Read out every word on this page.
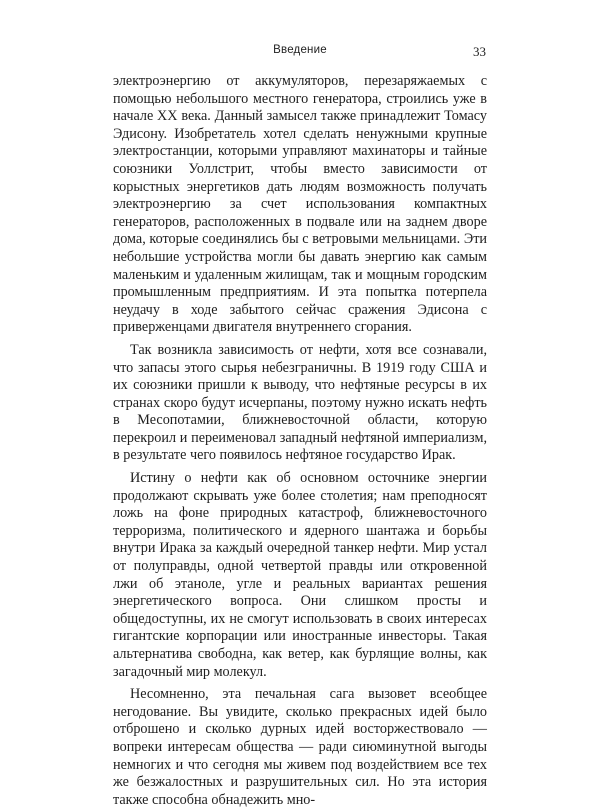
Введение	33

электроэнергию от аккумуляторов, перезаряжаемых с помощью небольшого местного генератора, строились уже в начале XX века. Данный замысел также принадлежит Томасу Эдисону. Изобретатель хотел сделать ненужными крупные электростанции, которыми управляют махинаторы и тайные союзники Уоллстрит, чтобы вместо зависимости от корыстных энергетиков дать людям возможность получать электроэнергию за счет использования компактных генераторов, расположенных в подвале или на заднем дворе дома, которые соединялись бы с ветровыми мельницами. Эти небольшие устройства могли бы давать энергию как самым маленьким и удаленным жилищам, так и мощным городским промышленным предприятиям. И эта попытка потерпела неудачу в ходе забытого сейчас сражения Эдисона с приверженцами двигателя внутреннего сгорания.

Так возникла зависимость от нефти, хотя все сознавали, что запасы этого сырья небезграничны. В 1919 году США и их союзники пришли к выводу, что нефтяные ресурсы в их странах скоро будут исчерпаны, поэтому нужно искать нефть в Месопотамии, ближневосточной области, которую перекроил и переименовал западный нефтяной империализм, в результате чего появилось нефтяное государство Ирак.

Истину о нефти как об основном осточнике энергии продолжают скрывать уже более столетия; нам преподносят ложь на фоне природных катастроф, ближневосточного терроризма, политического и ядерного шантажа и борьбы внутри Ирака за каждый очередной танкер нефти. Мир устал от полуправды, одной четвертой правды или откровенной лжи об этаноле, угле и реальных вариантах решения энергетического вопроса. Они слишком просты и общедоступны, их не смогут использовать в своих интересах гигантские корпорации или иностранные инвесторы. Такая альтернатива свободна, как ветер, как бурлящие волны, как загадочный мир молекул.

Несомненно, эта печальная сага вызовет всеобщее негодование. Вы увидите, сколько прекрасных идей было отброшено и сколько дурных идей восторжествовало — вопреки интересам общества — ради сиюминутной выгоды немногих и что сегодня мы живем под воздействием все тех же безжалостных и разрушительных сил. Но эта история также способна обнадежить мно-
